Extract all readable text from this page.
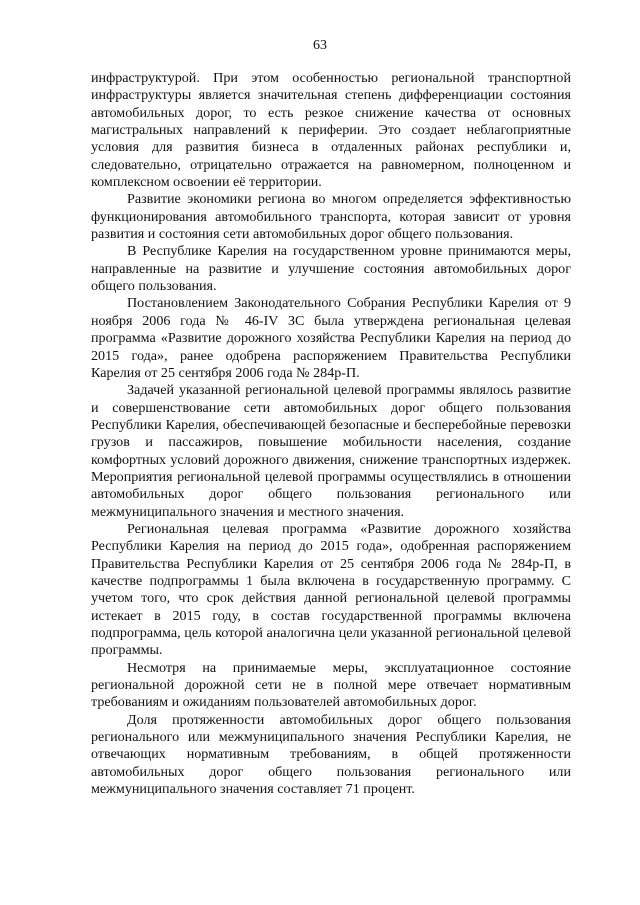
63

инфраструктурой. При этом особенностью региональной транспортной инфраструктуры является значительная степень дифференциации состояния автомобильных дорог, то есть резкое снижение качества от основных магистральных направлений к периферии. Это создает неблагоприятные условия для развития бизнеса в отдаленных районах республики и, следовательно, отрицательно отражается на равномерном, полноценном и комплексном освоении её территории.

Развитие экономики региона во многом определяется эффективностью функционирования автомобильного транспорта, которая зависит от уровня развития и состояния сети автомобильных дорог общего пользования.

В Республике Карелия на государственном уровне принимаются меры, направленные на развитие и улучшение состояния автомобильных дорог общего пользования.

Постановлением Законодательного Собрания Республики Карелия от 9 ноября 2006 года № 46-IV ЗС была утверждена региональная целевая программа «Развитие дорожного хозяйства Республики Карелия на период до 2015 года», ранее одобрена распоряжением Правительства Республики Карелия от 25 сентября 2006 года № 284р-П.

Задачей указанной региональной целевой программы являлось развитие и совершенствование сети автомобильных дорог общего пользования Республики Карелия, обеспечивающей безопасные и бесперебойные перевозки грузов и пассажиров, повышение мобильности населения, создание комфортных условий дорожного движения, снижение транспортных издержек. Мероприятия региональной целевой программы осуществлялись в отношении автомобильных дорог общего пользования регионального или межмуниципального значения и местного значения.

Региональная целевая программа «Развитие дорожного хозяйства Республики Карелия на период до 2015 года», одобренная распоряжением Правительства Республики Карелия от 25 сентября 2006 года № 284р-П, в качестве подпрограммы 1 была включена в государственную программу. С учетом того, что срок действия данной региональной целевой программы истекает в 2015 году, в состав государственной программы включена подпрограмма, цель которой аналогична цели указанной региональной целевой программы.

Несмотря на принимаемые меры, эксплуатационное состояние региональной дорожной сети не в полной мере отвечает нормативным требованиям и ожиданиям пользователей автомобильных дорог.

Доля протяженности автомобильных дорог общего пользования регионального или межмуниципального значения Республики Карелия, не отвечающих нормативным требованиям, в общей протяженности автомобильных дорог общего пользования регионального или межмуниципального значения составляет 71 процент.
